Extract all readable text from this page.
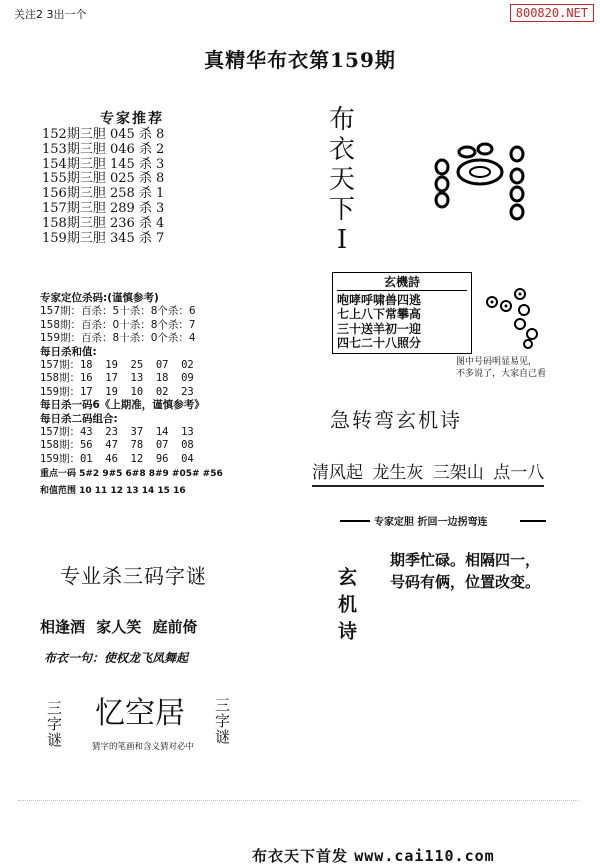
关注2 3出一个	800820.NET
真精华布衣第159期
专家推荐
152期三胆 045 杀 8
153期三胆 046 杀 2
154期三胆 145 杀 3
155期三胆 025 杀 8
156期三胆 258 杀 1
157期三胆 289 杀 3
158期三胆 236 杀 4
159期三胆 345 杀 7
专家定位杀码:(谨慎参考)
157期：百杀：5十杀：8个杀：6
158期：百杀：0十杀：8个杀：7
159期：百杀：8十杀：0个杀：4
每日杀和值:
157期：18  19  25  07  02
158期：16  17  13  18  09
159期：17  19  10  02  23
每日杀一码6《上期准，谨慎参考》
每日杀二码组合:
157期：43  23  37  14  13
158期：56  47  78  07  08
159期：01  46  12  96  04
重点一码 5#2 9#5 6#8 8#9 #05# #56
和值范围 10 11 12 13 14 15 16
专业杀三码字谜
相逢酒 家人笑 庭前倚
布衣一句：使权龙飞凤舞起
三字谜 忆空居 三字谜
猜字的笔画和含义猜对必中
布
衣
天
下
I
玄機詩
咆哮呼啸兽四逃
七上八下常攀高
三十送羊初一迎
四七二十八照分
图中号码明显易见，
不多说了，大家自己看
急转弯玄机诗
清风起 龙生灰 三架山 点一八
专家定胆 折回一边拐弯连
玄机诗
期季忙碌。相隔四一，
号码有俩，位置改变。
布衣天下首发 www.cai110.com
